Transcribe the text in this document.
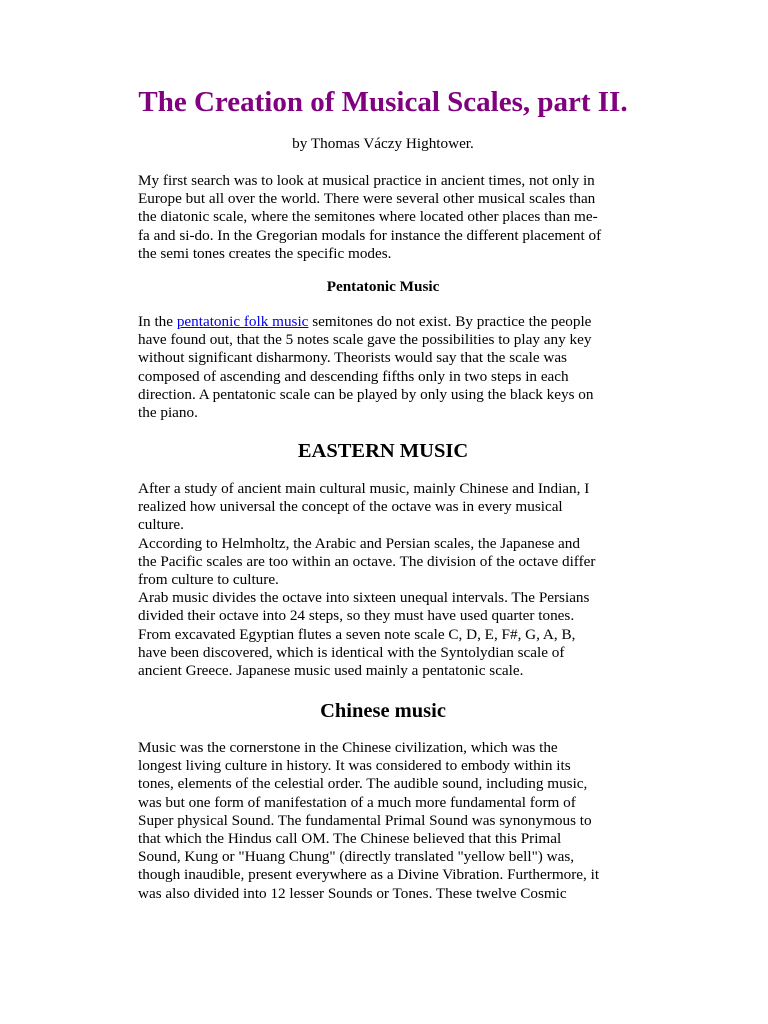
The Creation of Musical Scales, part II.

by Thomas Váczy Hightower.

My first search was to look at musical practice in ancient times, not only in
Europe but all over the world. There were several other musical scales than
the diatonic scale, where the semitones where located other places than me-
fa and si-do. In the Gregorian modals for instance the different placement of
the semi tones creates the specific modes.
Pentatonic Music
In the pentatonic folk music semitones do not exist. By practice the people
have found out, that the 5 notes scale gave the possibilities to play any key
without significant disharmony. Theorists would say that the scale was
composed of ascending and descending fifths only in two steps in each
direction. A pentatonic scale can be played by only using the black keys on
the piano.
EASTERN MUSIC
After a study of ancient main cultural music, mainly Chinese and Indian, I
realized how universal the concept of the octave was in every musical
culture.
According to Helmholtz, the Arabic and Persian scales, the Japanese and
the Pacific scales are too within an octave. The division of the octave differ
from culture to culture.
Arab music divides the octave into sixteen unequal intervals. The Persians
divided their octave into 24 steps, so they must have used quarter tones.
From excavated Egyptian flutes a seven note scale C, D, E, F#, G, A, B,
have been discovered, which is identical with the Syntolydian scale of
ancient Greece. Japanese music used mainly a pentatonic scale.
Chinese music
Music was the cornerstone in the Chinese civilization, which was the
longest living culture in history. It was considered to embody within its
tones, elements of the celestial order. The audible sound, including music,
was but one form of manifestation of a much more fundamental form of
Super physical Sound. The fundamental Primal Sound was synonymous to
that which the Hindus call OM. The Chinese believed that this Primal
Sound, Kung or "Huang Chung" (directly translated "yellow bell") was,
though inaudible, present everywhere as a Divine Vibration. Furthermore, it
was also divided into 12 lesser Sounds or Tones. These twelve Cosmic
